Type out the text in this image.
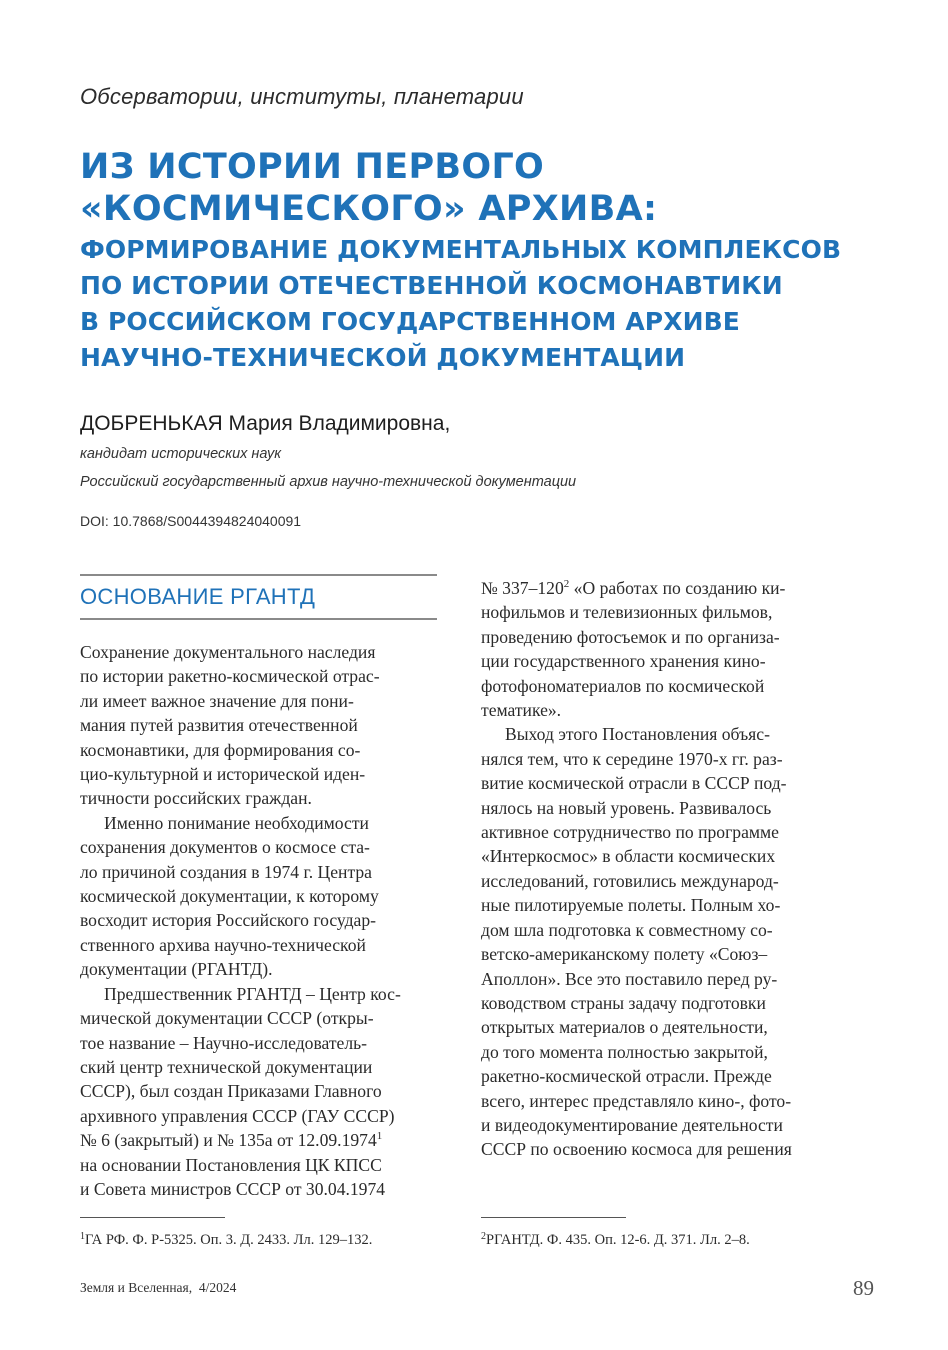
Обсерватории, институты, планетарии
ИЗ ИСТОРИИ ПЕРВОГО
«КОСМИЧЕСКОГО» АРХИВА:
ФОРМИРОВАНИЕ ДОКУМЕНТАЛЬНЫХ КОМПЛЕКСОВ
ПО ИСТОРИИ ОТЕЧЕСТВЕННОЙ КОСМОНАВТИКИ
В РОССИЙСКОМ ГОСУДАРСТВЕННОМ АРХИВЕ
НАУЧНО-ТЕХНИЧЕСКОЙ ДОКУМЕНТАЦИИ
ДОБРЕНЬКАЯ Мария Владимировна,
кандидат исторических наук
Российский государственный архив научно-технической документации
DOI: 10.7868/S0044394824040091
ОСНОВАНИЕ РГАНТД
Сохранение документального наследия
по истории ракетно-космической отрас-
ли имеет важное значение для пони-
мания путей развития отечественной
космонавтики, для формирования со-
цио-культурной и исторической иден-
тичности российских граждан.
Именно понимание необходимости
сохранения документов о космосе ста-
ло причиной создания в 1974 г. Центра
космической документации, к которому
восходит история Российского государ-
ственного архива научно-технической
документации (РГАНТД).
Предшественник РГАНТД – Центр кос-
мической документации СССР (откры-
тое название – Научно-исследователь-
ский центр технической документации
СССР), был создан Приказами Главного
архивного управления СССР (ГАУ СССР)
№ 6 (закрытый) и № 135а от 12.09.1974$^1$
на основании Постановления ЦК КПСС
и Совета министров СССР от 30.04.1974
№ $337-120^2$ «О работах по созданию ки-
нофильмов и телевизионных фильмов,
проведению фотосъемок и по организа-
ции государственного хранения кино-
фотофономатериалов по космической
тематике».
Выход этого Постановления объяс-
нялся тем, что к середине 1970-х гг. раз-
витие космической отрасли в СССР под-
нялось на новый уровень. Развивалось
активное сотрудничество по программе
«Интеркосмос» в области космических
исследований, готовились международ-
ные пилотируемые полеты. Полным хо-
дом шла подготовка к совместному со-
ветско-американскому полету «Союз–
Аполлон». Все это поставило перед ру-
ководством страны задачу подготовки
открытых материалов о деятельности,
до того момента полностью закрытой,
ракетно-космической отрасли. Прежде
всего, интерес представляло кино-, фото-
и видеодокументирование деятельности
СССР по освоению космоса для решения
$^1$ГА РФ. Ф. Р-5325. Оп. 3. Д. 2433. Лл. 129–132.	$^2$РГАНТД. Ф. 435. Оп. 12-6. Д. 371. Лл. 2–8.
Земля и Вселенная,  4/2024	89
